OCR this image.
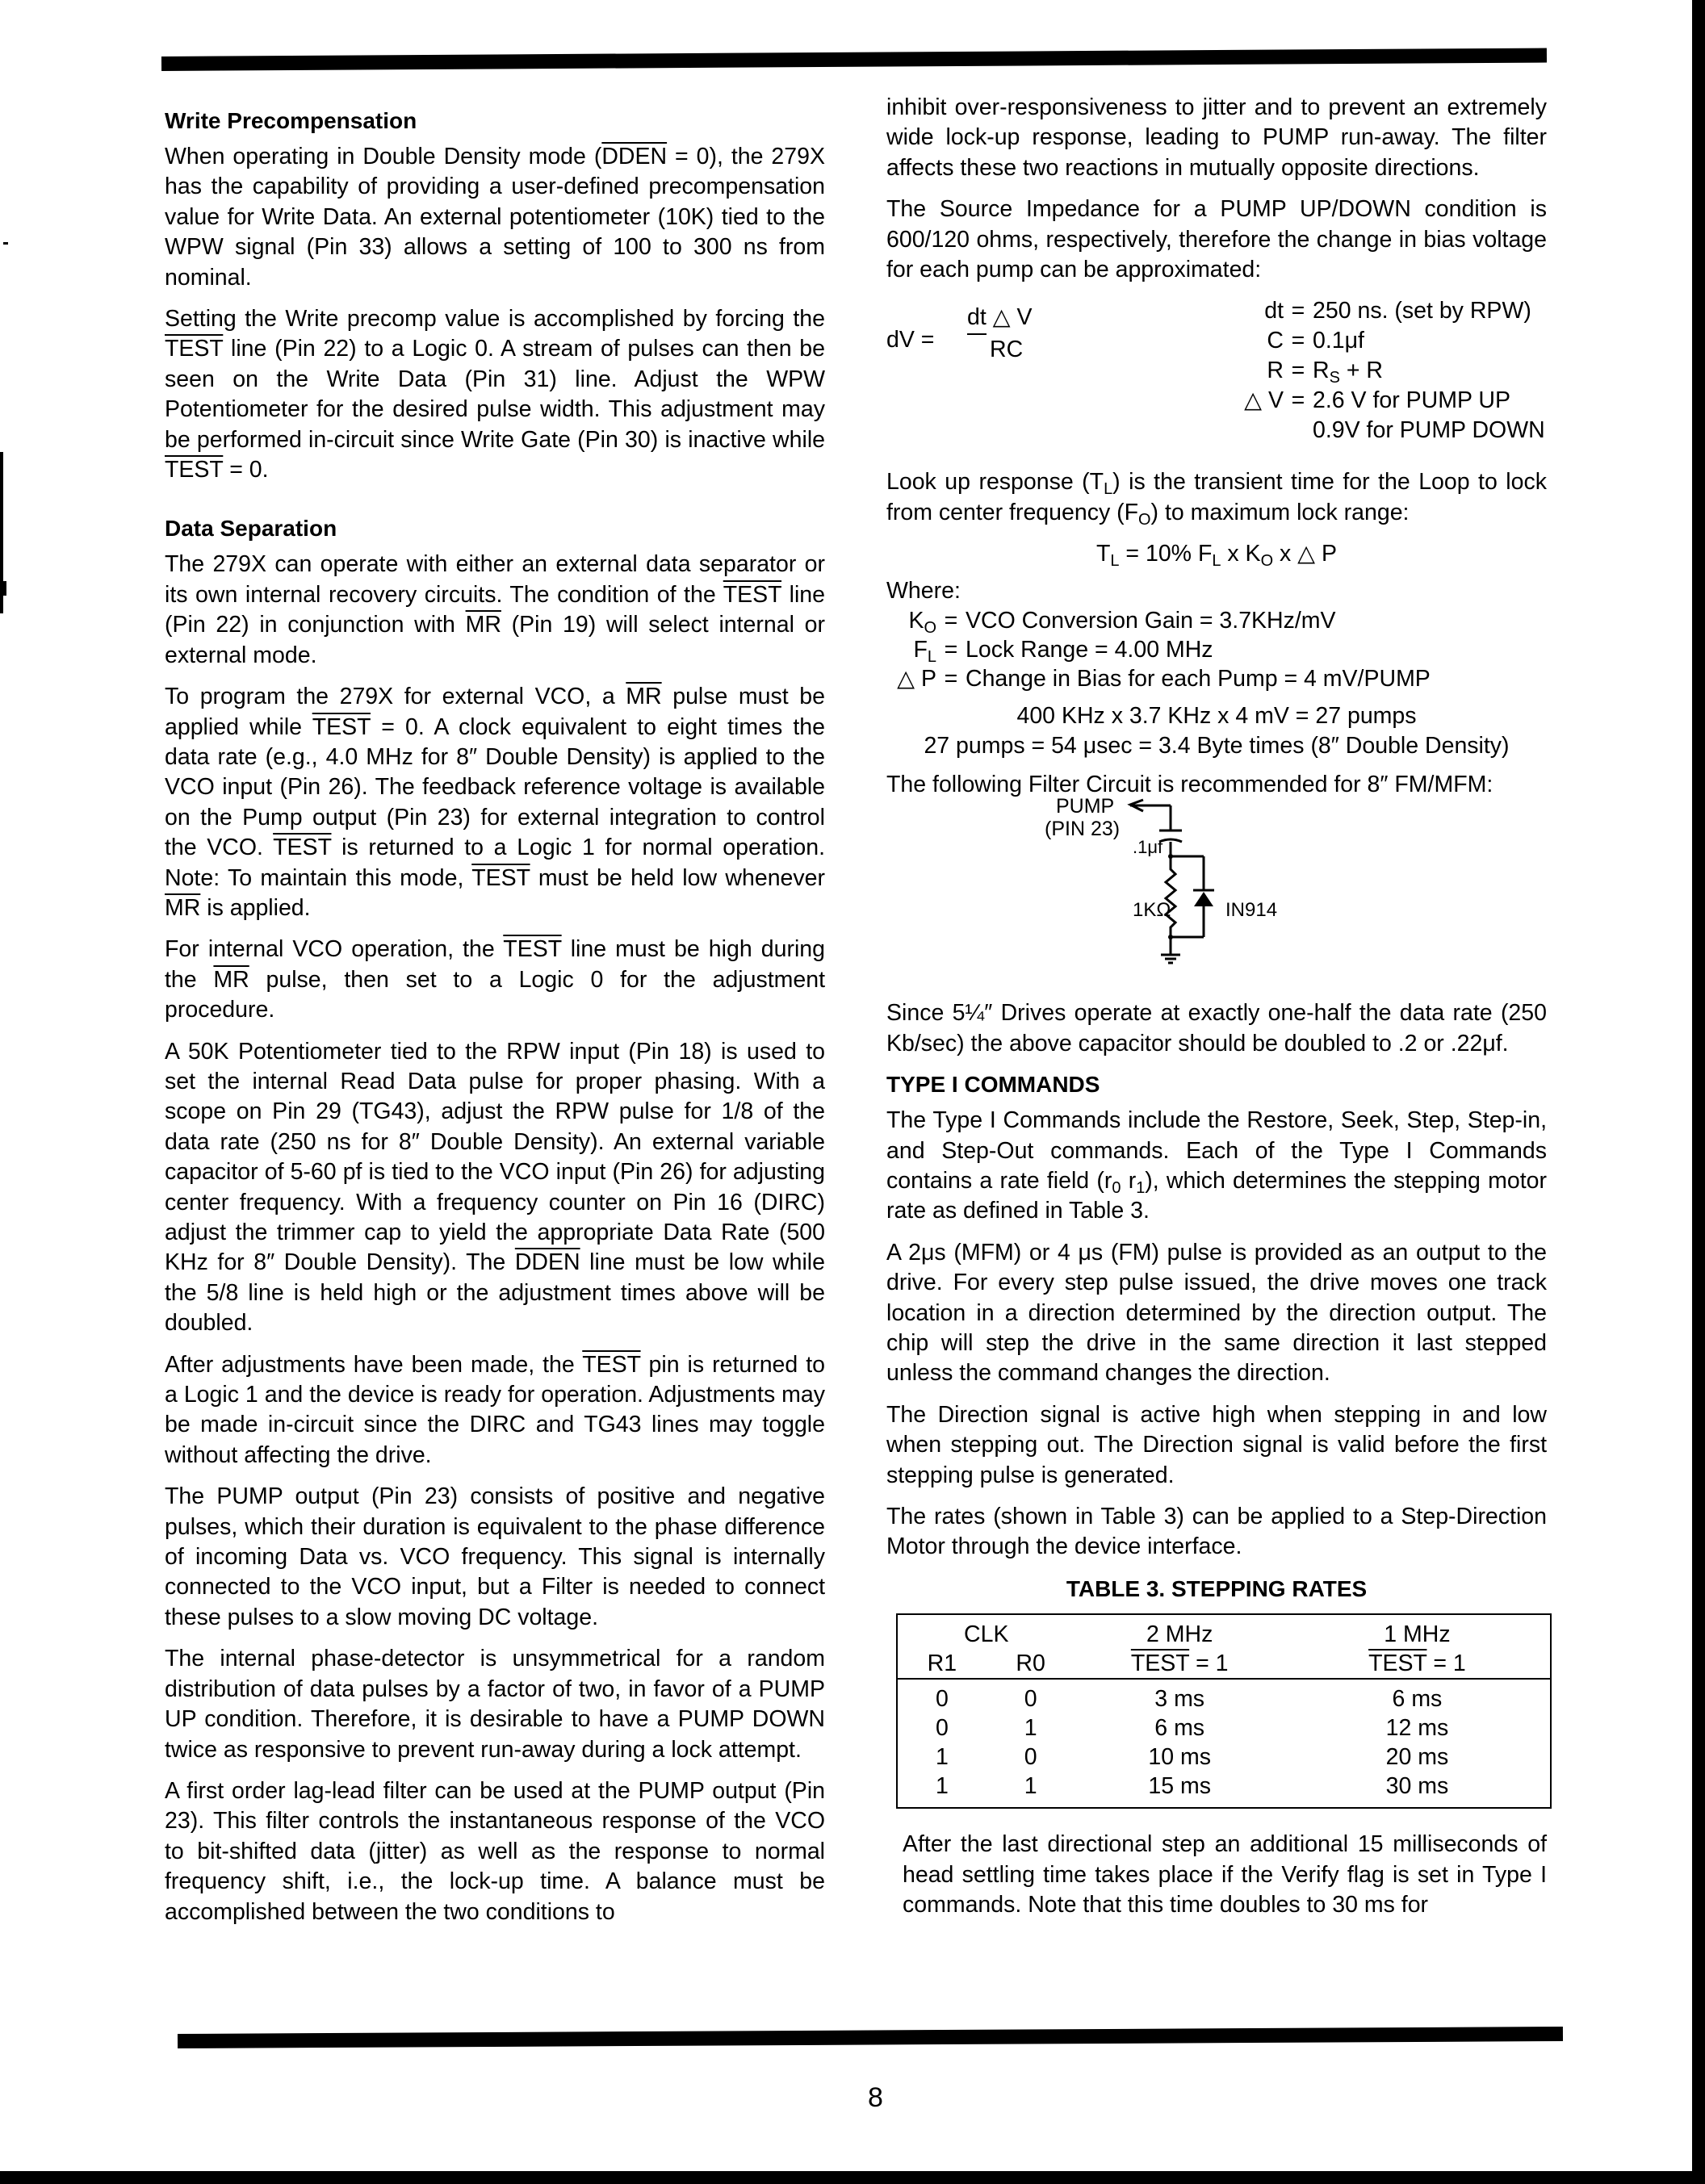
Write Precompensation

When operating in Double Density mode (DDEN = 0), the 279X has the capability of providing a user-defined precompensation value for Write Data. An external potentiometer (10K) tied to the WPW signal (Pin 33) allows a setting of 100 to 300 ns from nominal.

Setting the Write precomp value is accomplished by forcing the TEST line (Pin 22) to a Logic 0. A stream of pulses can then be seen on the Write Data (Pin 31) line. Adjust the WPW Potentiometer for the desired pulse width. This adjustment may be performed in-circuit since Write Gate (Pin 30) is inactive while TEST = 0.

Data Separation

The 279X can operate with either an external data separator or its own internal recovery circuits. The condition of the TEST line (Pin 22) in conjunction with $\overline{MR}$ (Pin 19) will select internal or external mode.

To program the 279X for external VCO, a $\overline{MR}$ pulse must be applied while TEST = 0. A clock equivalent to eight times the data rate (e.g., 4.0 MHz for 8″ Double Density) is applied to the VCO input (Pin 26). The feedback reference voltage is available on the Pump output (Pin 23) for external integration to control the VCO. TEST is returned to a Logic 1 for normal operation. Note: To maintain this mode, TEST must be held low whenever $\overline{MR}$ is applied.

For internal VCO operation, the TEST line must be high during the $\overline{MR}$ pulse, then set to a Logic 0 for the adjustment procedure.

A 50K Potentiometer tied to the RPW input (Pin 18) is used to set the internal Read Data pulse for proper phasing. With a scope on Pin 29 (TG43), adjust the RPW pulse for 1/8 of the data rate (250 ns for 8″ Double Density). An external variable capacitor of 5-60 pf is tied to the VCO input (Pin 26) for adjusting center frequency. With a frequency counter on Pin 16 (DIRC) adjust the trimmer cap to yield the appropriate Data Rate (500 KHz for 8″ Double Density). The DDEN line must be low while the 5/8 line is held high or the adjustment times above will be doubled.

After adjustments have been made, the TEST pin is returned to a Logic 1 and the device is ready for operation. Adjustments may be made in-circuit since the DIRC and TG43 lines may toggle without affecting the drive.

The PUMP output (Pin 23) consists of positive and negative pulses, which their duration is equivalent to the phase difference of incoming Data vs. VCO frequency. This signal is internally connected to the VCO input, but a Filter is needed to connect these pulses to a slow moving DC voltage.

The internal phase-detector is unsymmetrical for a random distribution of data pulses by a factor of two, in favor of a PUMP UP condition. Therefore, it is desirable to have a PUMP DOWN twice as responsive to prevent run-away during a lock attempt.

A first order lag-lead filter can be used at the PUMP output (Pin 23). This filter controls the instantaneous response of the VCO to bit-shifted data (jitter) as well as the response to normal frequency shift, i.e., the lock-up time. A balance must be accomplished between the two conditions to

inhibit over-responsiveness to jitter and to prevent an extremely wide lock-up response, leading to PUMP run-away. The filter affects these two reactions in mutually opposite directions.

The Source Impedance for a PUMP UP/DOWN condition is 600/120 ohms, respectively, therefore the change in bias voltage for each pump can be approximated:

dV =
dt △ V
RC
dt = 250 ns. (set by RPW)
C = 0.1μf
$R = R_S + R$
△ V = 2.6 V for PUMP UP
0.9V for PUMP DOWN

Look up response $(T_L)$ is the transient time for the Loop to lock from center frequency $(F_O)$ to maximum lock range:

$T_L = 10\%$ $F_L$ x $K_O$ x △ P
Where:
$K_O$ = VCO Conversion Gain = 3.7KHz/mV
$F_L$ = Lock Range = 4.00 MHz
△ P = Change in Bias for each Pump = 4 mV/PUMP
400 KHz x 3.7 KHz x 4 mV = 27 pumps
27 pumps = 54 μsec = 3.4 Byte times (8″ Double Density)

The following Filter Circuit is recommended for 8″ FM/MFM:

PUMP
(PIN 23)
.1μf
1KΩ	IN914

Since 5¼″ Drives operate at exactly one-half the data rate (250 Kb/sec) the above capacitor should be doubled to .2 or .22μf.

TYPE I COMMANDS

The Type I Commands include the Restore, Seek, Step, Step-in, and Step-Out commands. Each of the Type I Commands contains a rate field ($r_0$ $r_1$), which determines the stepping motor rate as defined in Table 3.

A 2μs (MFM) or 4 μs (FM) pulse is provided as an output to the drive. For every step pulse issued, the drive moves one track location in a direction determined by the direction output. The chip will step the drive in the same direction it last stepped unless the command changes the direction.

The Direction signal is active high when stepping in and low when stepping out. The Direction signal is valid before the first stepping pulse is generated.

The rates (shown in Table 3) can be applied to a Step-Direction Motor through the device interface.

TABLE 3. STEPPING RATES
CLK		2 MHz	1 MHz
R1	R0	TEST = 1	TEST = 1
0	0	3 ms	6 ms
0	1	6 ms	12 ms
1	0	10 ms	20 ms
1	1	15 ms	30 ms

After the last directional step an additional 15 milliseconds of head settling time takes place if the Verify flag is set in Type I commands. Note that this time doubles to 30 ms for

8
